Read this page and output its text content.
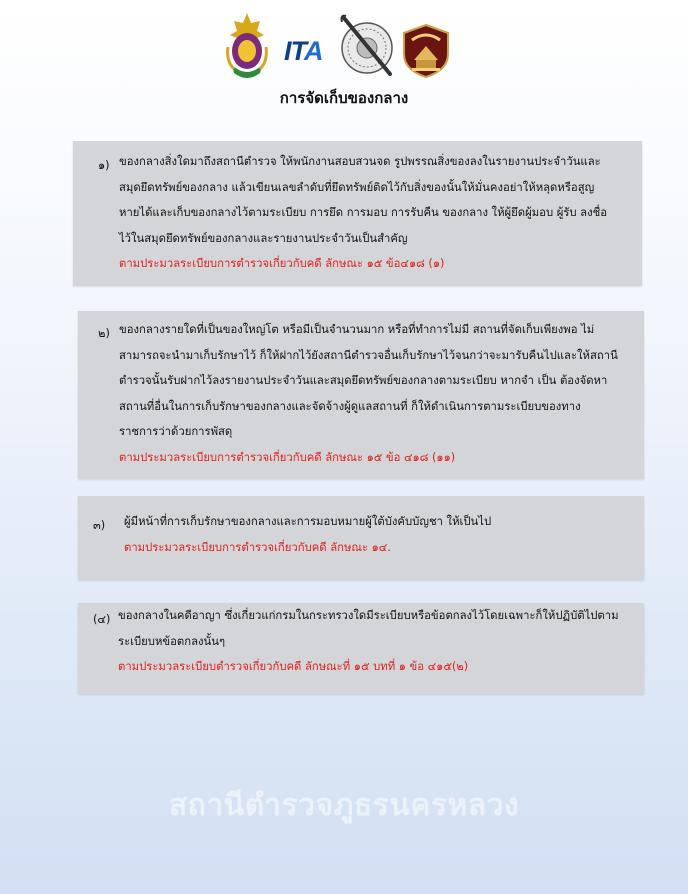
ITA
การจัดเก็บของกลาง
๑) ของกลางสิ่งใดมาถึงสถานีตำรวจ ให้พนักงานสอบสวนจด รูปพรรณสิ่งของลงในรายงานประจำวันและ
สมุดยึดทรัพย์ของกลาง แล้วเขียนเลขลำดับที่ยึดทรัพย์ติดไว้กับสิ่งของนั้นให้มั่นคงอย่าให้หลุดหรือสูญ
หายได้และเก็บของกลางไว้ตามระเบียบ การยึด การมอบ การรับคืน ของกลาง ให้ผู้ยึดผู้มอบ ผู้รับ ลงชื่อ
ไว้ในสมุดยึดทรัพย์ของกลางและรายงานประจำวันเป็นสำคัญ
ตามประมวลระเบียบการตำรวจเกี่ยวกับคดี ลักษณะ ๑๕ ข้อ๔๑๘ (๑)
๒) ของกลางรายใดที่เป็นของใหญ่โต หรือมีเป็นจำนวนมาก หรือที่ทำการไม่มี สถานที่จัดเก็บเพียงพอ ไม่
สามารถจะนำมาเก็บรักษาไว้ ก็ให้ฝากไว้ยังสถานีตำรวจอื่นเก็บรักษาไว้จนกว่าจะมารับคืนไปและให้สถานี
ตำรวจนั้นรับฝากไว้ลงรายงานประจำวันและสมุดยึดทรัพย์ของกลางตามระเบียบ หากจำ เป็น ต้องจัดหา
สถานที่อื่นในการเก็บรักษาของกลางและจัดจ้างผู้ดูแลสถานที่ ก็ให้ดำเนินการตามระเบียบของทาง
ราชการว่าด้วยการพัสดุ
ตามประมวลระเบียบการตำรวจเกี่ยวกับคดี ลักษณะ ๑๕ ข้อ ๔๑๘ (๑๑)
๓) ผู้มีหน้าที่การเก็บรักษาของกลางและการมอบหมายผู้ใต้บังคับบัญชา ให้เป็นไป
ตามประมวลระเบียบการตำรวจเกี่ยวกับคดี ลักษณะ ๑๔.
(๔) ของกลางในคดีอาญา ซึ่งเกี่ยวแก่กรมในกระทรวงใดมีระเบียบหรือข้อตกลงไว้โดยเฉพาะก็ให้ปฏิบัติไปตาม
ระเบียบหข้อตกลงนั้นๆ
ตามประมวลระเบียบตำรวจเกี่ยวกับคดี ลักษณะที่ ๑๕ บทที่ ๑ ข้อ ๔๑๕(๒)
สถานีตำรวจภูธรนครหลวง
